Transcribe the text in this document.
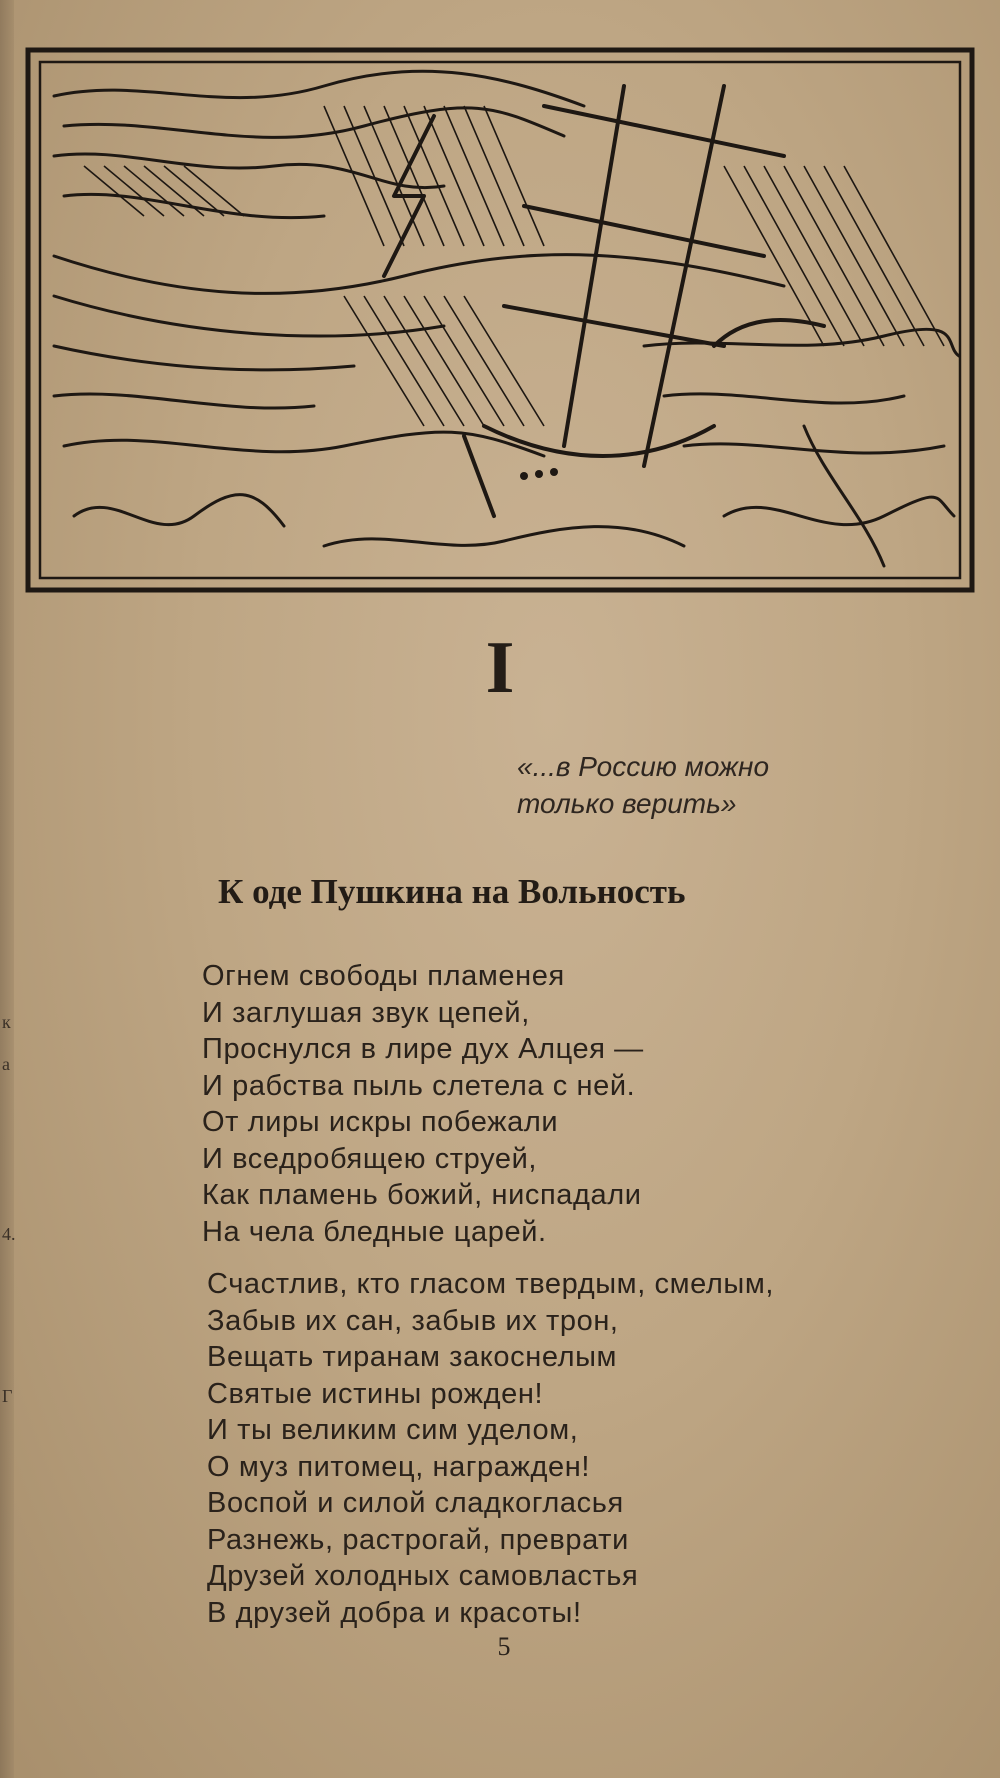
к
а
4.
Г
I
«...в Россию можно
только верить»
К оде Пушкина на Вольность
Огнем свободы пламенея
И заглушая звук цепей,
Проснулся в лире дух Алцея —
И рабства пыль слетела с ней.
От лиры искры побежали
И вседробящею струей,
Как пламень божий, ниспадали
На чела бледные царей.
Счастлив, кто гласом твердым, смелым,
Забыв их сан, забыв их трон,
Вещать тиранам закоснелым
Святые истины рожден!
И ты великим сим уделом,
О муз питомец, награжден!
Воспой и силой сладкогласья
Разнежь, растрогай, преврати
Друзей холодных самовластья
В друзей добра и красоты!
5
